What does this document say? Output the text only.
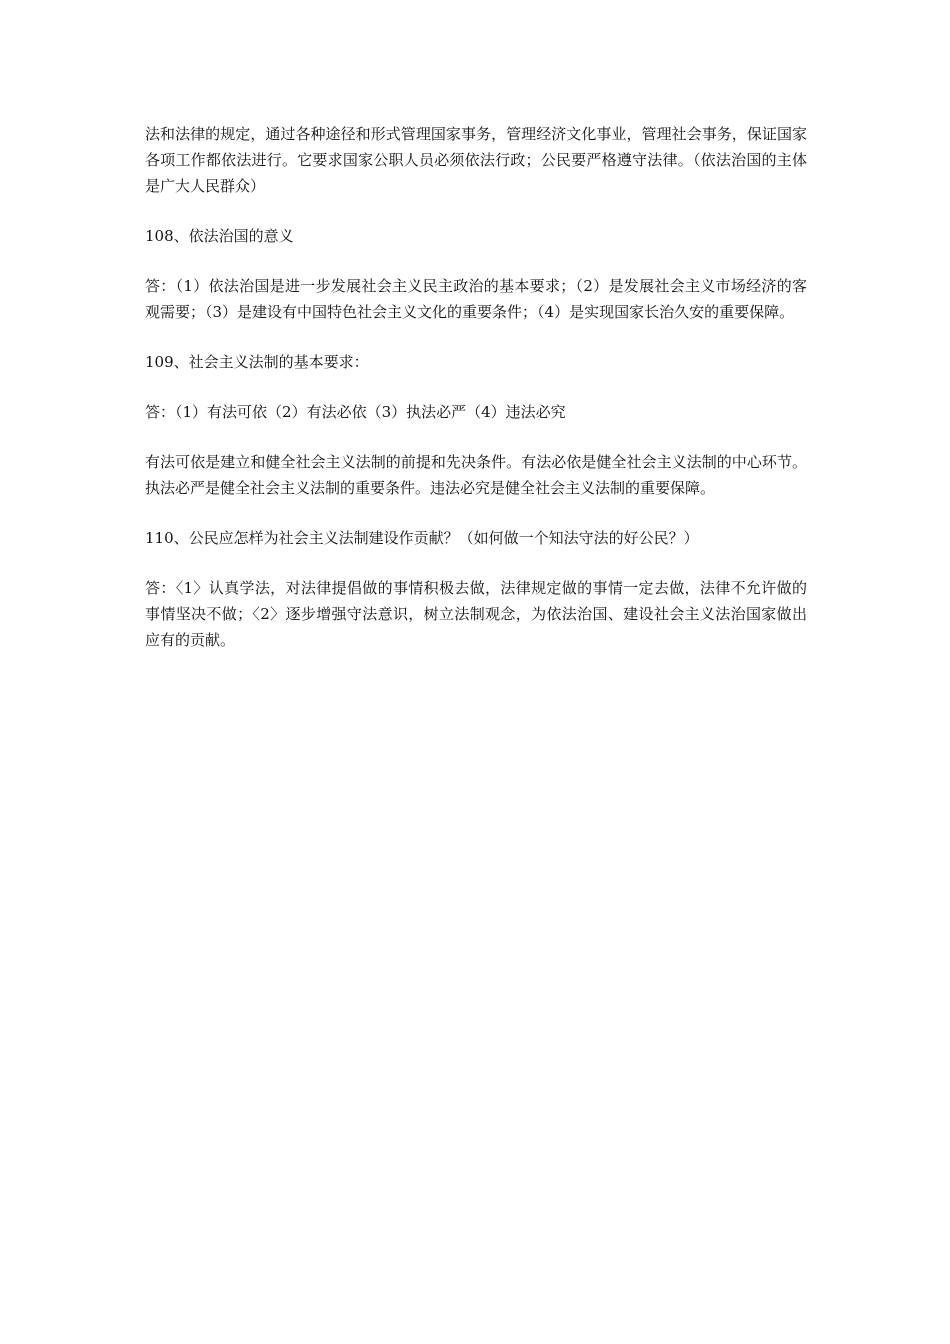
法和法律的规定，通过各种途径和形式管理国家事务，管理经济文化事业，管理社会事务，保证国家各项工作都依法进行。它要求国家公职人员必须依法行政；公民要严格遵守法律。（依法治国的主体是广大人民群众）

108、依法治国的意义

答：（1）依法治国是进一步发展社会主义民主政治的基本要求；（2）是发展社会主义市场经济的客观需要；（3）是建设有中国特色社会主义文化的重要条件；（4）是实现国家长治久安的重要保障。

109、社会主义法制的基本要求：

答：（1）有法可依（2）有法必依（3）执法必严（4）违法必究

有法可依是建立和健全社会主义法制的前提和先决条件。有法必依是健全社会主义法制的中心环节。执法必严是健全社会主义法制的重要条件。违法必究是健全社会主义法制的重要保障。

110、公民应怎样为社会主义法制建设作贡献？（如何做一个知法守法的好公民？）

答：〈1〉认真学法，对法律提倡做的事情积极去做，法律规定做的事情一定去做，法律不允许做的事情坚决不做；〈2〉逐步增强守法意识，树立法制观念，为依法治国、建设社会主义法治国家做出应有的贡献。
